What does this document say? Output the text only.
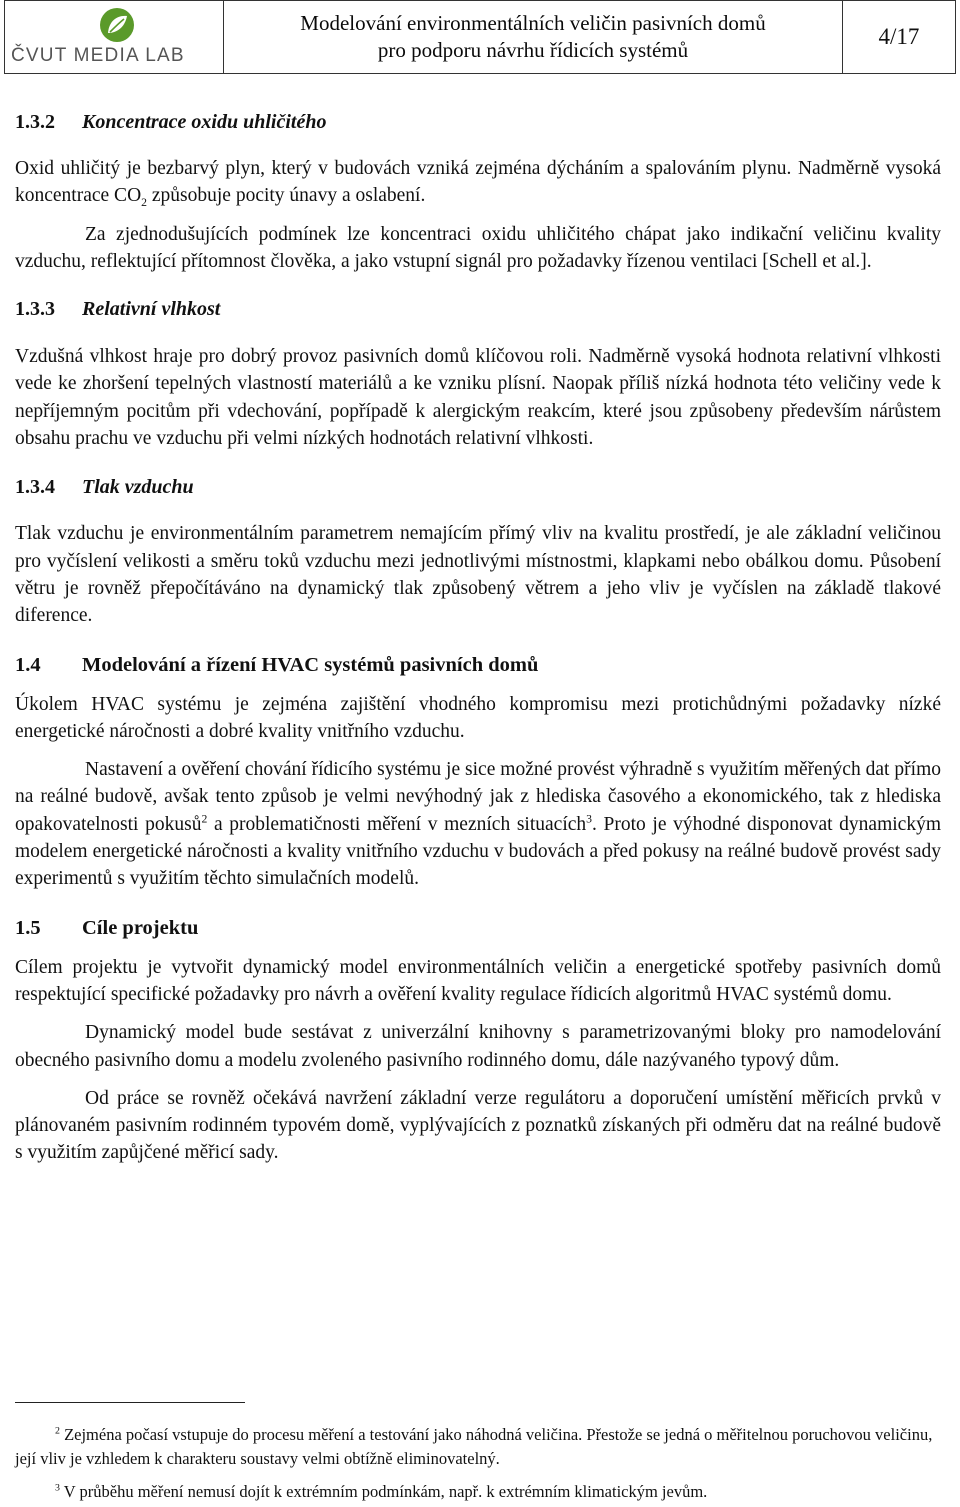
ČVUT MEDIA LAB
Modelování environmentálních veličin pasivních domů
pro podporu návrhu řídicích systémů
4/17
1.3.2 Koncentrace oxidu uhličitého

Oxid uhličitý je bezbarvý plyn, který v budovách vzniká zejména dýcháním a spalováním plynu. Nadměrně vysoká koncentrace $CO_2$ způsobuje pocity únavy a oslabení.

Za zjednodušujících podmínek lze koncentraci oxidu uhličitého chápat jako indikační veličinu kvality vzduchu, reflektující přítomnost člověka, a jako vstupní signál pro požadavky řízenou ventilaci [Schell et al.].

1.3.3 Relativní vlhkost

Vzdušná vlhkost hraje pro dobrý provoz pasivních domů klíčovou roli. Nadměrně vysoká hodnota relativní vlhkosti vede ke zhoršení tepelných vlastností materiálů a ke vzniku plísní. Naopak příliš nízká hodnota této veličiny vede k nepříjemným pocitům při vdechování, popřípadě k alergickým reakcím, které jsou způsobeny především nárůstem obsahu prachu ve vzduchu při velmi nízkých hodnotách relativní vlhkosti.

1.3.4 Tlak vzduchu

Tlak vzduchu je environmentálním parametrem nemajícím přímý vliv na kvalitu prostředí, je ale základní veličinou pro vyčíslení velikosti a směru toků vzduchu mezi jednotlivými místnostmi, klapkami nebo obálkou domu. Působení větru je rovněž přepočítáváno na dynamický tlak způsobený větrem a jeho vliv je vyčíslen na základě tlakové diference.

1.4 Modelování a řízení HVAC systémů pasivních domů

Úkolem HVAC systému je zejména zajištění vhodného kompromisu mezi protichůdnými požadavky nízké energetické náročnosti a dobré kvality vnitřního vzduchu.

Nastavení a ověření chování řídicího systému je sice možné provést výhradně s využitím měřených dat přímo na reálné budově, avšak tento způsob je velmi nevýhodný jak z hlediska časového a ekonomického, tak z hlediska opakovatelnosti pokusů$^2$ a problematičnosti měření v mezních situacích$^3$. Proto je výhodné disponovat dynamickým modelem energetické náročnosti a kvality vnitřního vzduchu v budovách a před pokusy na reálné budově provést sady experimentů s využitím těchto simulačních modelů.

1.5 Cíle projektu

Cílem projektu je vytvořit dynamický model environmentálních veličin a energetické spotřeby pasivních domů respektující specifické požadavky pro návrh a ověření kvality regulace řídicích algoritmů HVAC systémů domu.

Dynamický model bude sestávat z univerzální knihovny s parametrizovanými bloky pro namodelování obecného pasivního domu a modelu zvoleného pasivního rodinného domu, dále nazývaného typový dům.

Od práce se rovněž očekává navržení základní verze regulátoru a doporučení umístění měřicích prvků v plánovaném pasivním rodinném typovém domě, vyplývajících z poznatků získaných při odměru dat na reálné budově s využitím zapůjčené měřicí sady.

$^2$ Zejména počasí vstupuje do procesu měření a testování jako náhodná veličina. Přestože se jedná o měřitelnou poruchovou veličinu, její vliv je vzhledem k charakteru soustavy velmi obtížně eliminovatelný.
$^3$ V průběhu měření nemusí dojít k extrémním podmínkám, např. k extrémním klimatickým jevům.
